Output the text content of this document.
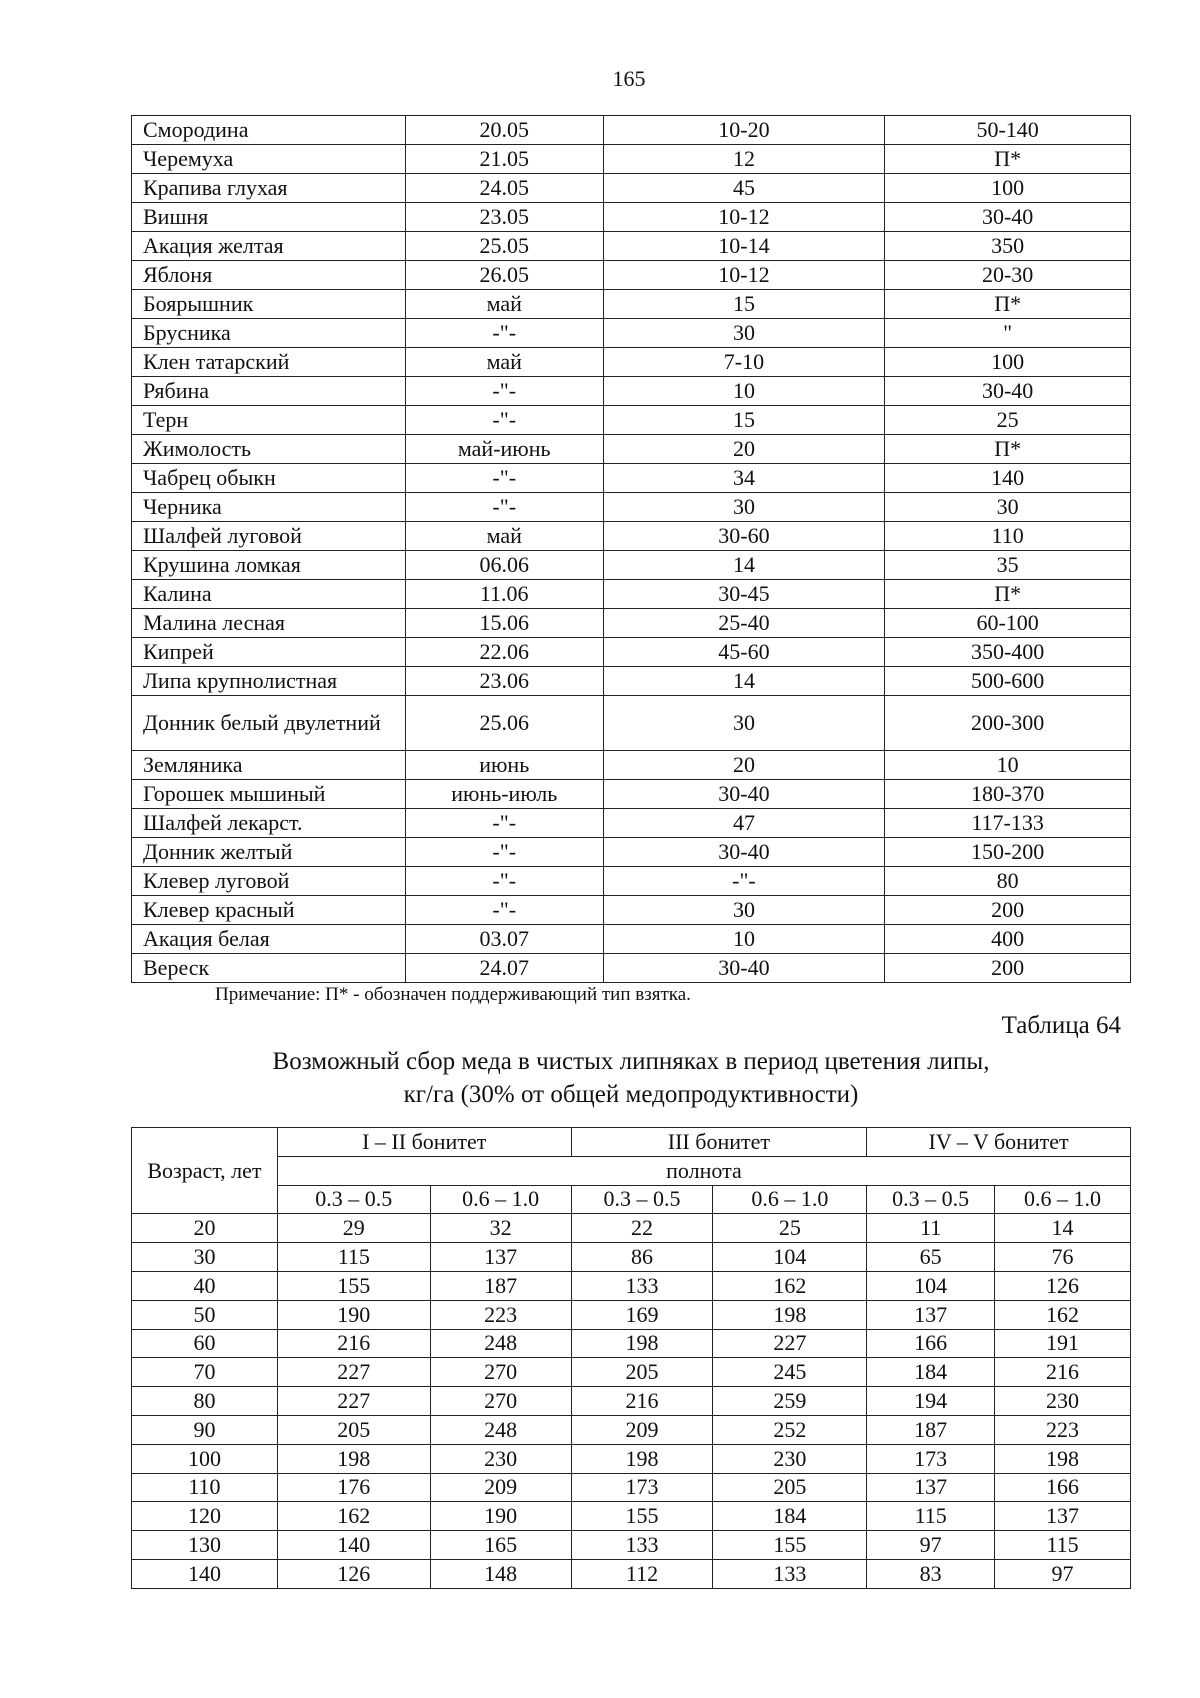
165
Смородина	20.05	10-20	50-140
Черемуха	21.05	12	П*
Крапива глухая	24.05	45	100
Вишня	23.05	10-12	30-40
Акация желтая	25.05	10-14	350
Яблоня	26.05	10-12	20-30
Боярышник	май	15	П*
Брусника	-"-	30	"
Клен татарский	май	7-10	100
Рябина	-"-	10	30-40
Терн	-"-	15	25
Жимолость	май-июнь	20	П*
Чабрец обыкн	-"-	34	140
Черника	-"-	30	30
Шалфей луговой	май	30-60	110
Крушина ломкая	06.06	14	35
Калина	11.06	30-45	П*
Малина лесная	15.06	25-40	60-100
Кипрей	22.06	45-60	350-400
Липа крупнолистная	23.06	14	500-600
Донник белый двулетний	25.06	30	200-300
Земляника	июнь	20	10
Горошек мышиный	июнь-июль	30-40	180-370
Шалфей лекарст.	-"-	47	117-133
Донник желтый	-"-	30-40	150-200
Клевер луговой	-"-	-"-	80
Клевер красный	-"-	30	200
Акация белая	03.07	10	400
Вереск	24.07	30-40	200
Примечание: П* - обозначен поддерживающий тип взятка.
Таблица 64
Возможный сбор меда в чистых липняках в период цветения липы,
кг/га (30% от общей медопродуктивности)
Возраст, лет	I – II бонитет		III бонитет		IV – V бонитет	
	полнота					
	0.3 – 0.5	0.6 – 1.0	0.3 – 0.5	0.6 – 1.0	0.3 – 0.5	0.6 – 1.0
20	29	32	22	25	11	14
30	115	137	86	104	65	76
40	155	187	133	162	104	126
50	190	223	169	198	137	162
60	216	248	198	227	166	191
70	227	270	205	245	184	216
80	227	270	216	259	194	230
90	205	248	209	252	187	223
100	198	230	198	230	173	198
110	176	209	173	205	137	166
120	162	190	155	184	115	137
130	140	165	133	155	97	115
140	126	148	112	133	83	97
